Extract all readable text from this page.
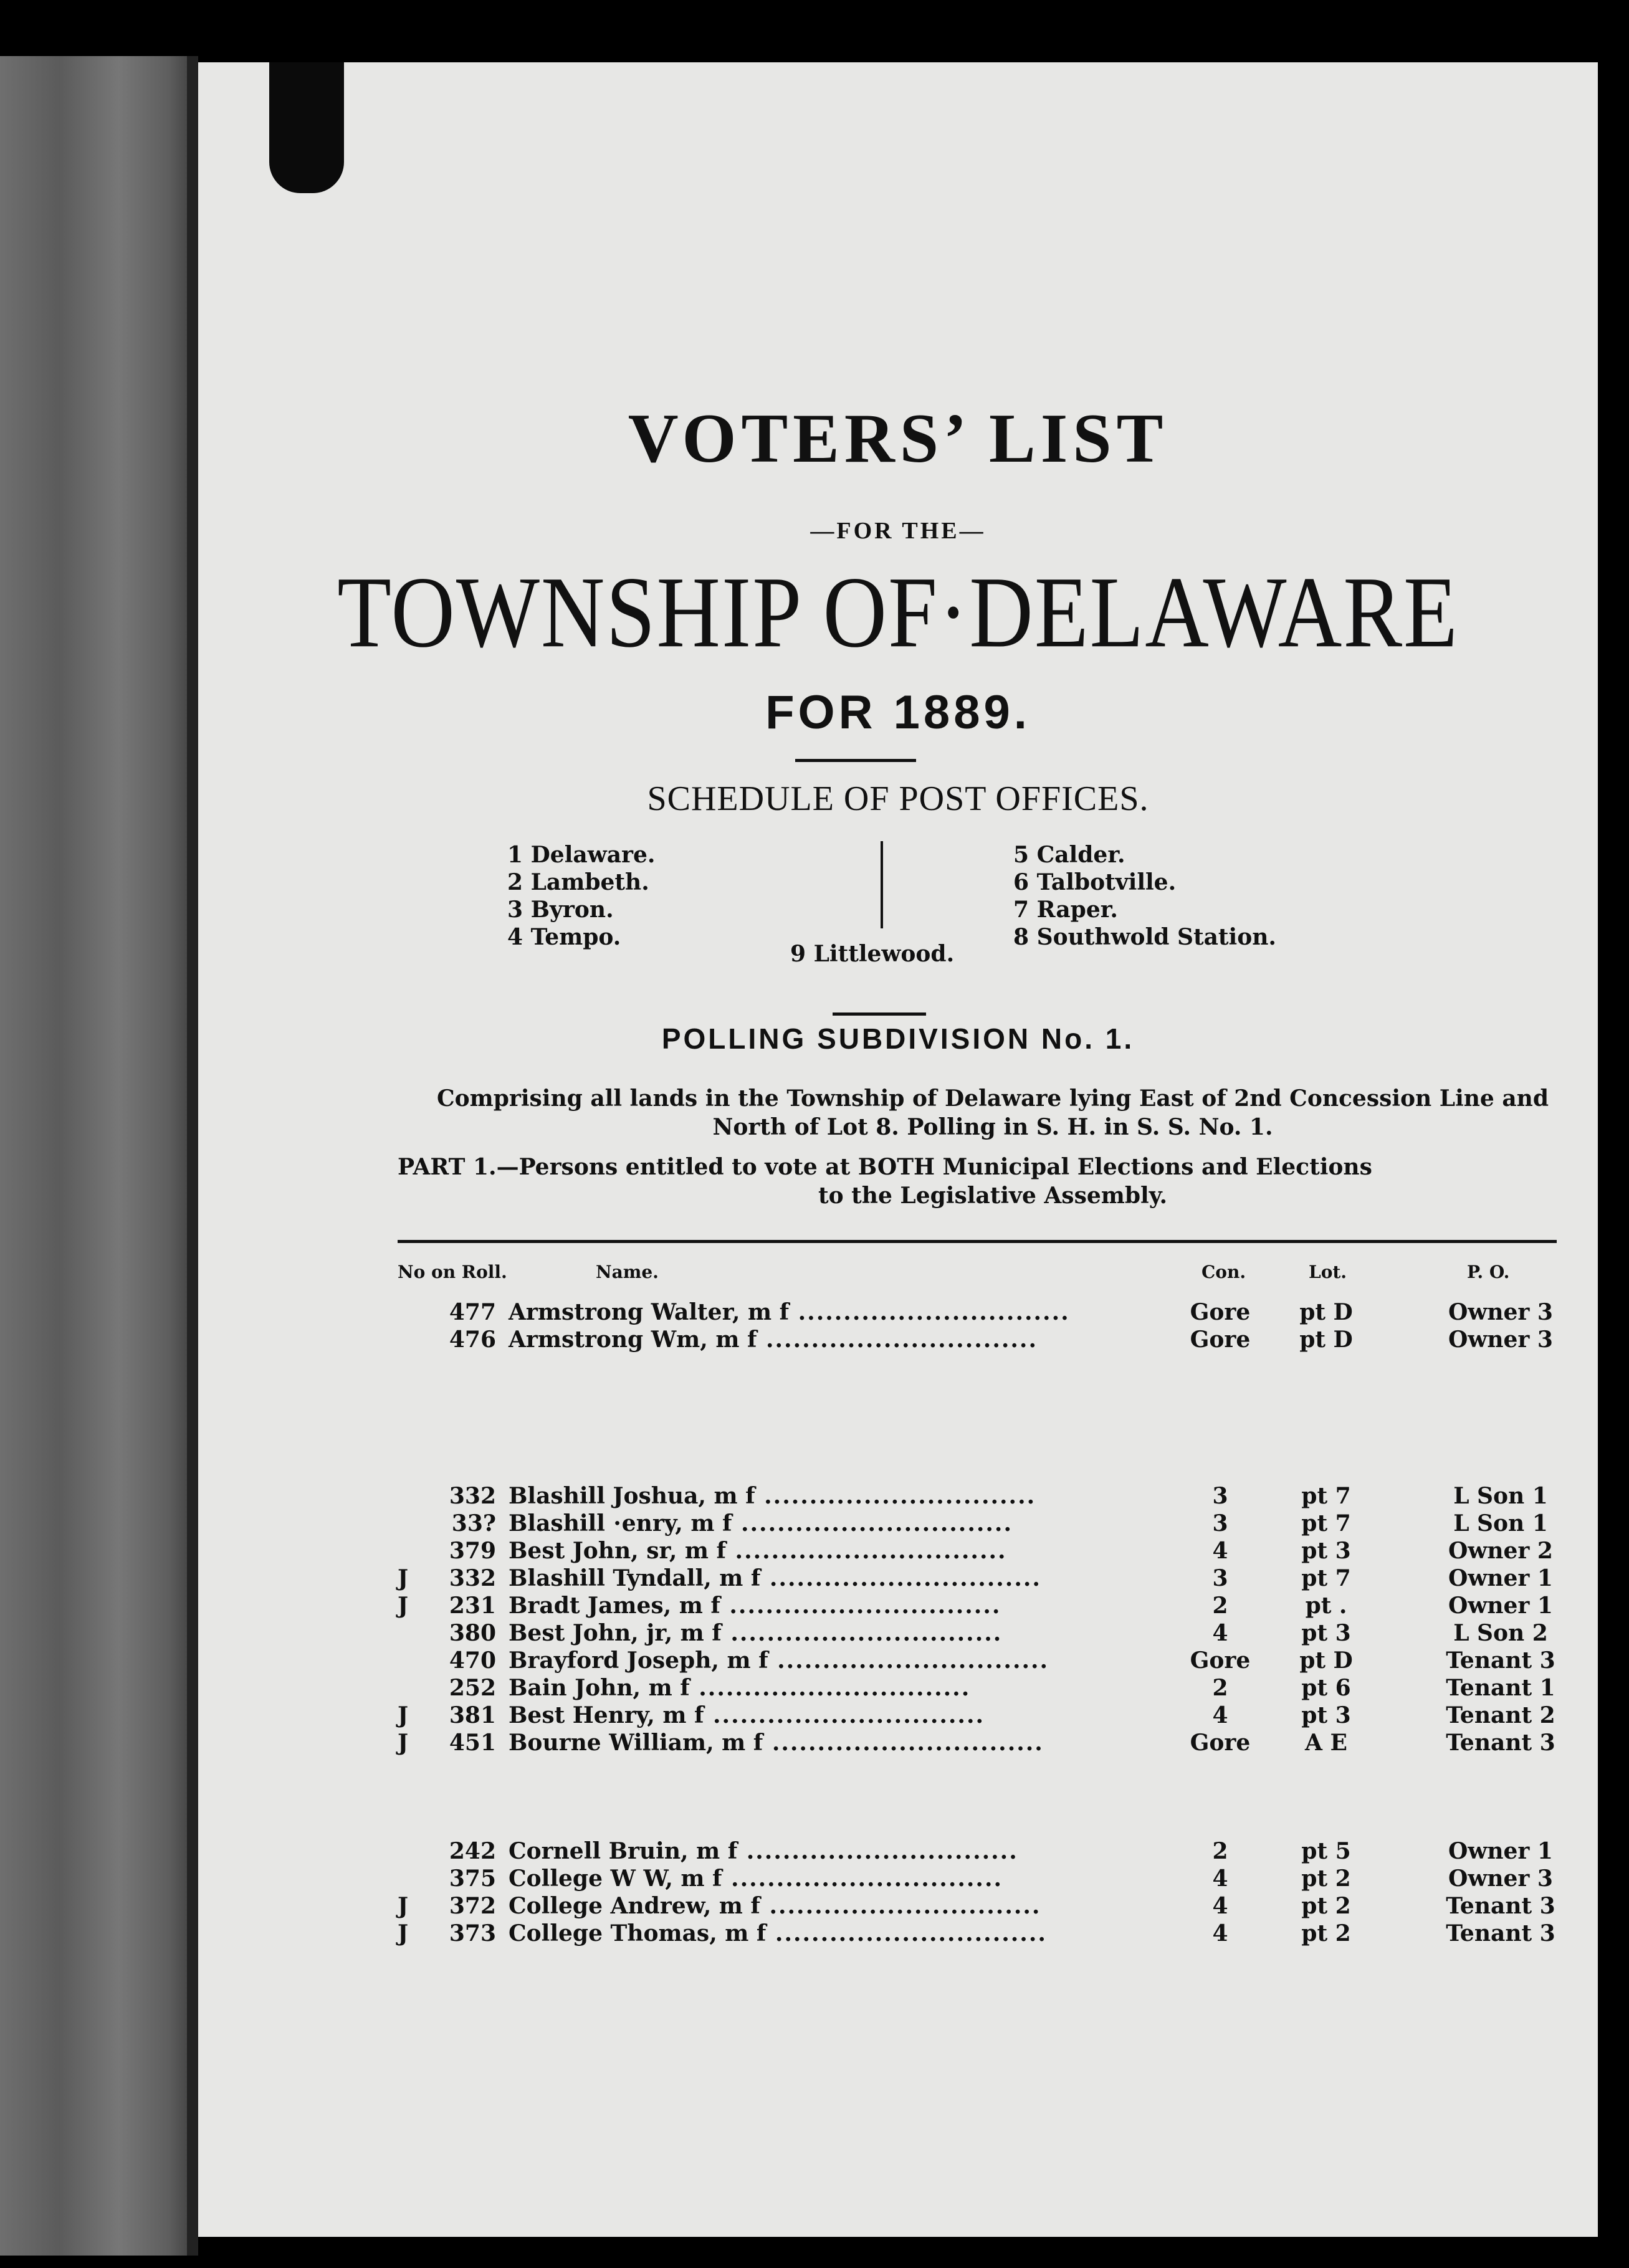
VOTERS’ LIST
—FOR THE—
TOWNSHIP OF·DELAWARE
FOR 1889.
SCHEDULE OF POST OFFICES.
1 Delaware.
2 Lambeth.
3 Byron.
4 Tempo.
5 Calder.
6 Talbotville.
7 Raper.
8 Southwold Station.
9 Littlewood.
POLLING SUBDIVISION No. 1.
Comprising all lands in the Township of Delaware lying East of 2nd Concession Line and North of Lot 8. Polling in S. H. in S. S. No. 1.
PART 1.—Persons entitled to vote at BOTH Municipal Elections and Elections
to the Legislative Assembly.
No on Roll.	Name.	Con.	Lot.	P. O.
477 Armstrong Walter, m f ..............................	Gore	pt D	Owner 3
476 Armstrong Wm, m f ..............................	Gore	pt D	Owner 3
332 Blashill Joshua, m f ..............................	3	pt 7	L Son 1
33? Blashill ⋅enry, m f ..............................	3	pt 7	L Son 1
379 Best John, sr, m f ..............................	4	pt 3	Owner 2
J	332 Blashill Tyndall, m f ..............................	3	pt 7	Owner 1
J	231 Bradt James, m f ..............................	2	pt .	Owner 1
380 Best John, jr, m f ..............................	4	pt 3	L Son 2
470 Brayford Joseph, m f ..............................	Gore	pt D	Tenant 3
252 Bain John, m f ..............................	2	pt 6	Tenant 1
J	381 Best Henry, m f ..............................	4	pt 3	Tenant 2
J	451 Bourne William, m f ..............................	Gore	A E	Tenant 3
242 Cornell Bruin, m f ..............................	2	pt 5	Owner 1
375 College W W, m f ..............................	4	pt 2	Owner 3
J	372 College Andrew, m f ..............................	4	pt 2	Tenant 3
J	373 College Thomas, m f ..............................	4	pt 2	Tenant 3
